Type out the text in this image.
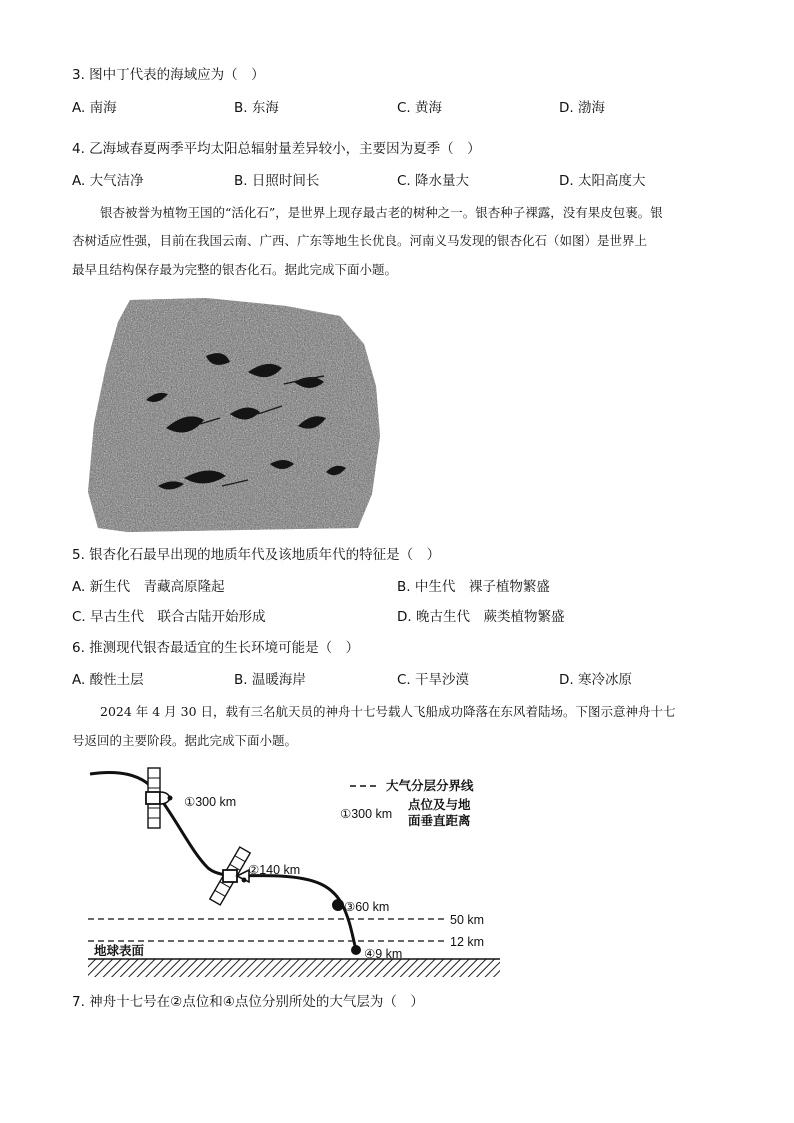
3. 图中丁代表的海域应为（　）
A. 南海	B. 东海	C. 黄海	D. 渤海
4. 乙海域春夏两季平均太阳总辐射量差异较小，主要因为夏季（　）
A. 大气洁净	B. 日照时间长	C. 降水量大	D. 太阳高度大
银杏被誉为植物王国的“活化石”，是世界上现存最古老的树种之一。银杏种子裸露，没有果皮包裹。银
杏树适应性强，目前在我国云南、广西、广东等地生长优良。河南义马发现的银杏化石（如图）是世界上
最早且结构保存最为完整的银杏化石。据此完成下面小题。
5. 银杏化石最早出现的地质年代及该地质年代的特征是（　）
A. 新生代　青藏高原隆起	B. 中生代　裸子植物繁盛
C. 早古生代　联合古陆开始形成	D. 晚古生代　蕨类植物繁盛
6. 推测现代银杏最适宜的生长环境可能是（　）
A. 酸性土层	B. 温暖海岸	C. 干旱沙漠	D. 寒冷冰原
2024 年 4 月 30 日，载有三名航天员的神舟十七号载人飞船成功降落在东风着陆场。下图示意神舟十七
号返回的主要阶段。据此完成下面小题。
①300 km
②140 km
③60 km
④9 km
50 km
12 km
地球表面
大气分层分界线
①300 km
点位及与地
面垂直距离
7. 神舟十七号在②点位和④点位分别所处的大气层为（　）
